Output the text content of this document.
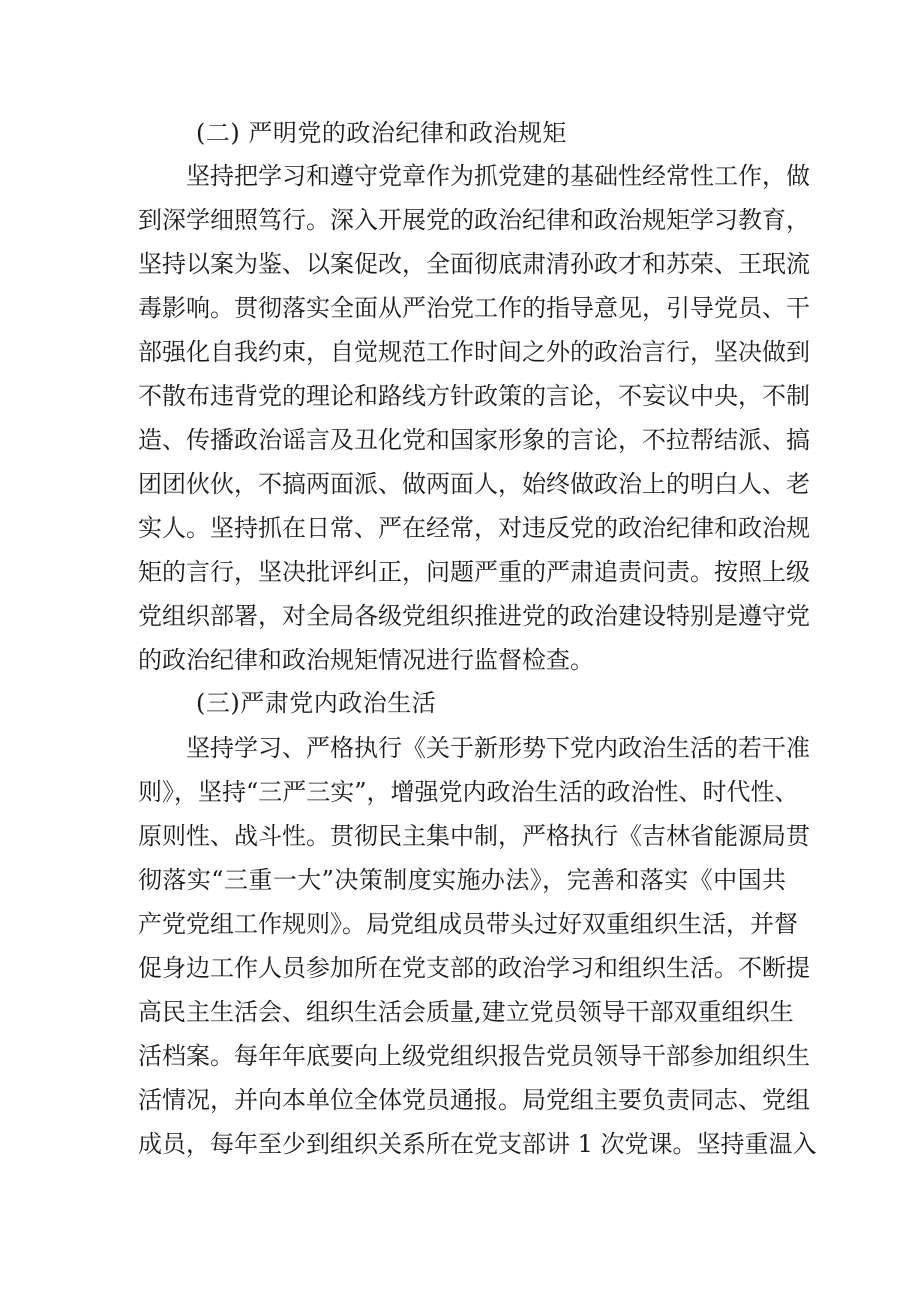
(二) 严明党的政治纪律和政治规矩
坚持把学习和遵守党章作为抓党建的基础性经常性工作，做
到深学细照笃行。深入开展党的政治纪律和政治规矩学习教育，
坚持以案为鉴、以案促改，全面彻底肃清孙政才和苏荣、王珉流
毒影响。贯彻落实全面从严治党工作的指导意见，引导党员、干
部强化自我约束，自觉规范工作时间之外的政治言行，坚决做到
不散布违背党的理论和路线方针政策的言论，不妄议中央，不制
造、传播政治谣言及丑化党和国家形象的言论，不拉帮结派、搞
团团伙伙，不搞两面派、做两面人，始终做政治上的明白人、老
实人。坚持抓在日常、严在经常，对违反党的政治纪律和政治规
矩的言行，坚决批评纠正，问题严重的严肃追责问责。按照上级
党组织部署，对全局各级党组织推进党的政治建设特别是遵守党
的政治纪律和政治规矩情况进行监督检查。
(三)严肃党内政治生活
坚持学习、严格执行《关于新形势下党内政治生活的若干准
则》，坚持“三严三实”，增强党内政治生活的政治性、时代性、
原则性、战斗性。贯彻民主集中制，严格执行《吉林省能源局贯
彻落实“三重一大”决策制度实施办法》，完善和落实《中国共
产党党组工作规则》。局党组成员带头过好双重组织生活，并督
促身边工作人员参加所在党支部的政治学习和组织生活。不断提
高民主生活会、组织生活会质量,建立党员领导干部双重组织生
活档案。每年年底要向上级党组织报告党员领导干部参加组织生
活情况，并向本单位全体党员通报。局党组主要负责同志、党组
成员，每年至少到组织关系所在党支部讲 1 次党课。坚持重温入
